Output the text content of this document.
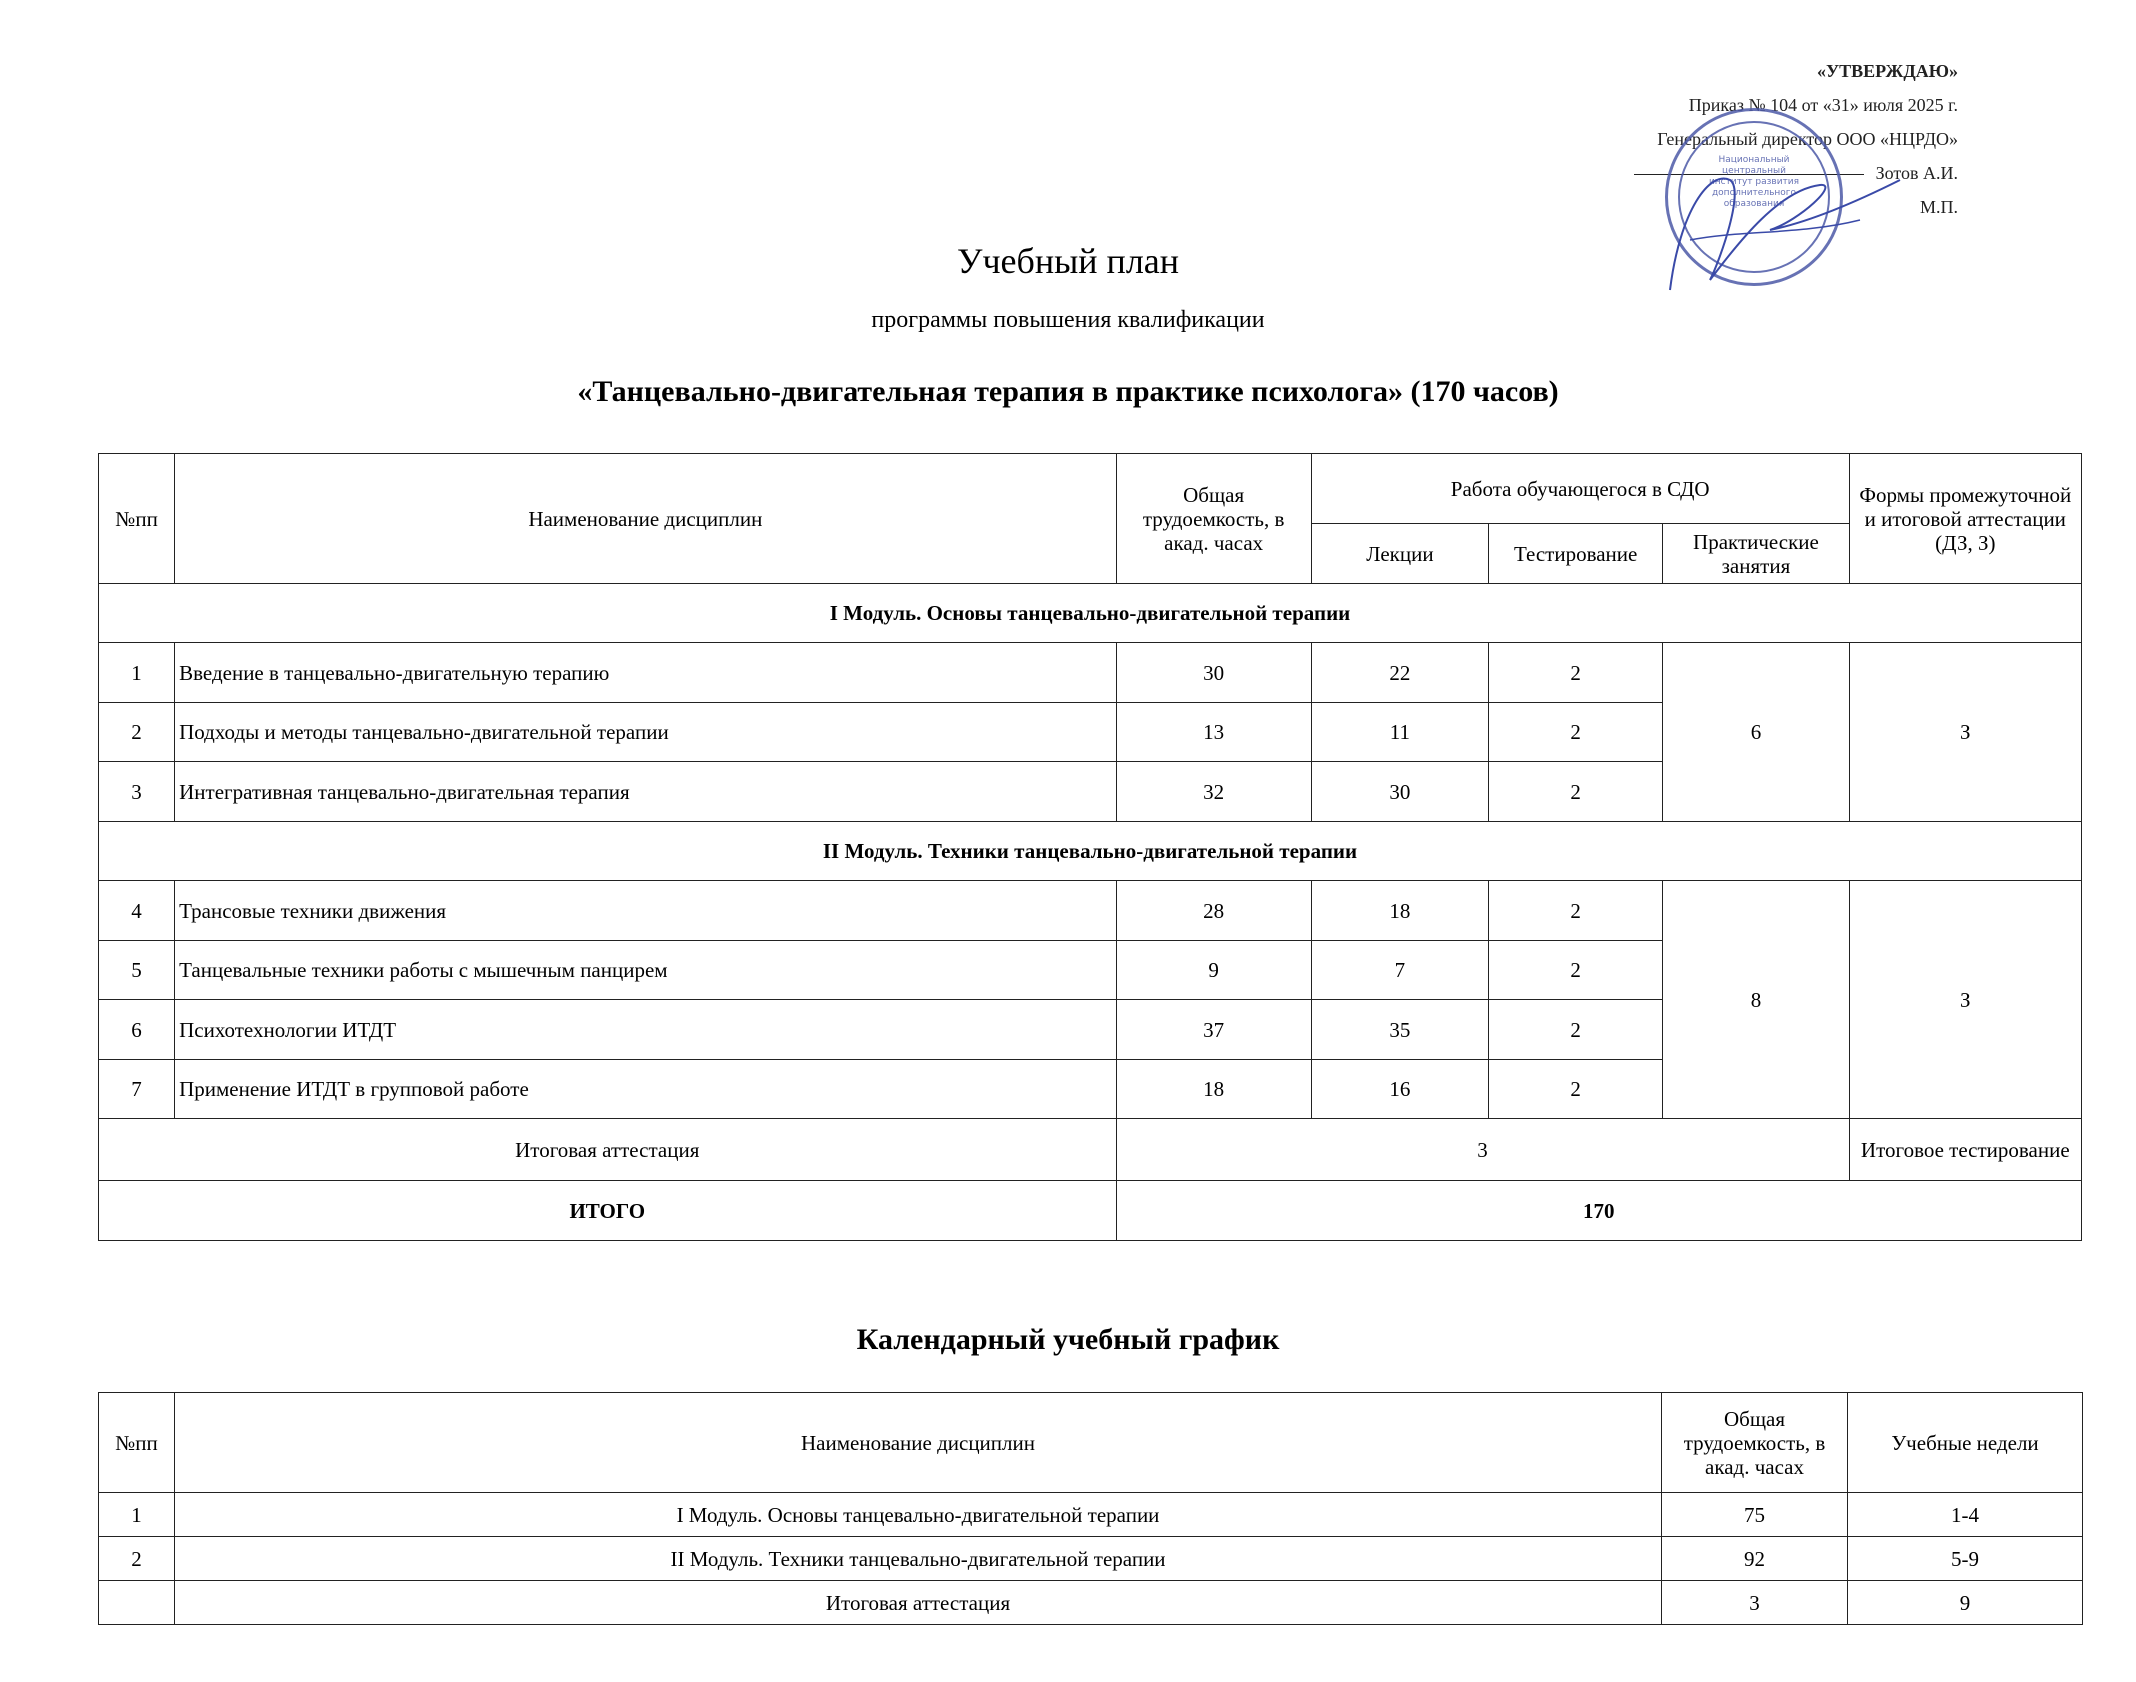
«УТВЕРЖДАЮ»
Приказ № 104 от «31» июля 2025 г.
Генеральный директор ООО «НЦРДО»
Зотов А.И.
М.П.
Национальный центральный институт развития дополнительного образования
Учебный план
программы повышения квалификации
«Танцевально-двигательная терапия в практике психолога» (170 часов)
№пп	Наименование дисциплин	Общая трудоемкость, в акад. часах	Работа обучающегося в СДО			Формы промежуточной и итоговой аттестации (ДЗ, З)
			Лекции	Тестирование	Практические занятия	
I Модуль. Основы танцевально-двигательной терапии						
1	Введение в танцевально-двигательную терапию	30	22	2	6	З
2	Подходы и методы танцевально-двигательной терапии	13	11	2		
3	Интегративная танцевально-двигательная терапия	32	30	2		
II Модуль. Техники танцевально-двигательной терапии						
4	Трансовые техники движения	28	18	2	8	З
5	Танцевальные техники работы с мышечным панцирем	9	7	2		
6	Психотехнологии ИТДТ	37	35	2		
7	Применение ИТДТ в групповой работе	18	16	2		
Итоговая аттестация		3				Итоговое тестирование
ИТОГО		170				
Календарный учебный график
№пп	Наименование дисциплин	Общая трудоемкость, в акад. часах	Учебные недели
1	I Модуль. Основы танцевально-двигательной терапии	75	1-4
2	II Модуль. Техники танцевально-двигательной терапии	92	5-9
	Итоговая аттестация	3	9
